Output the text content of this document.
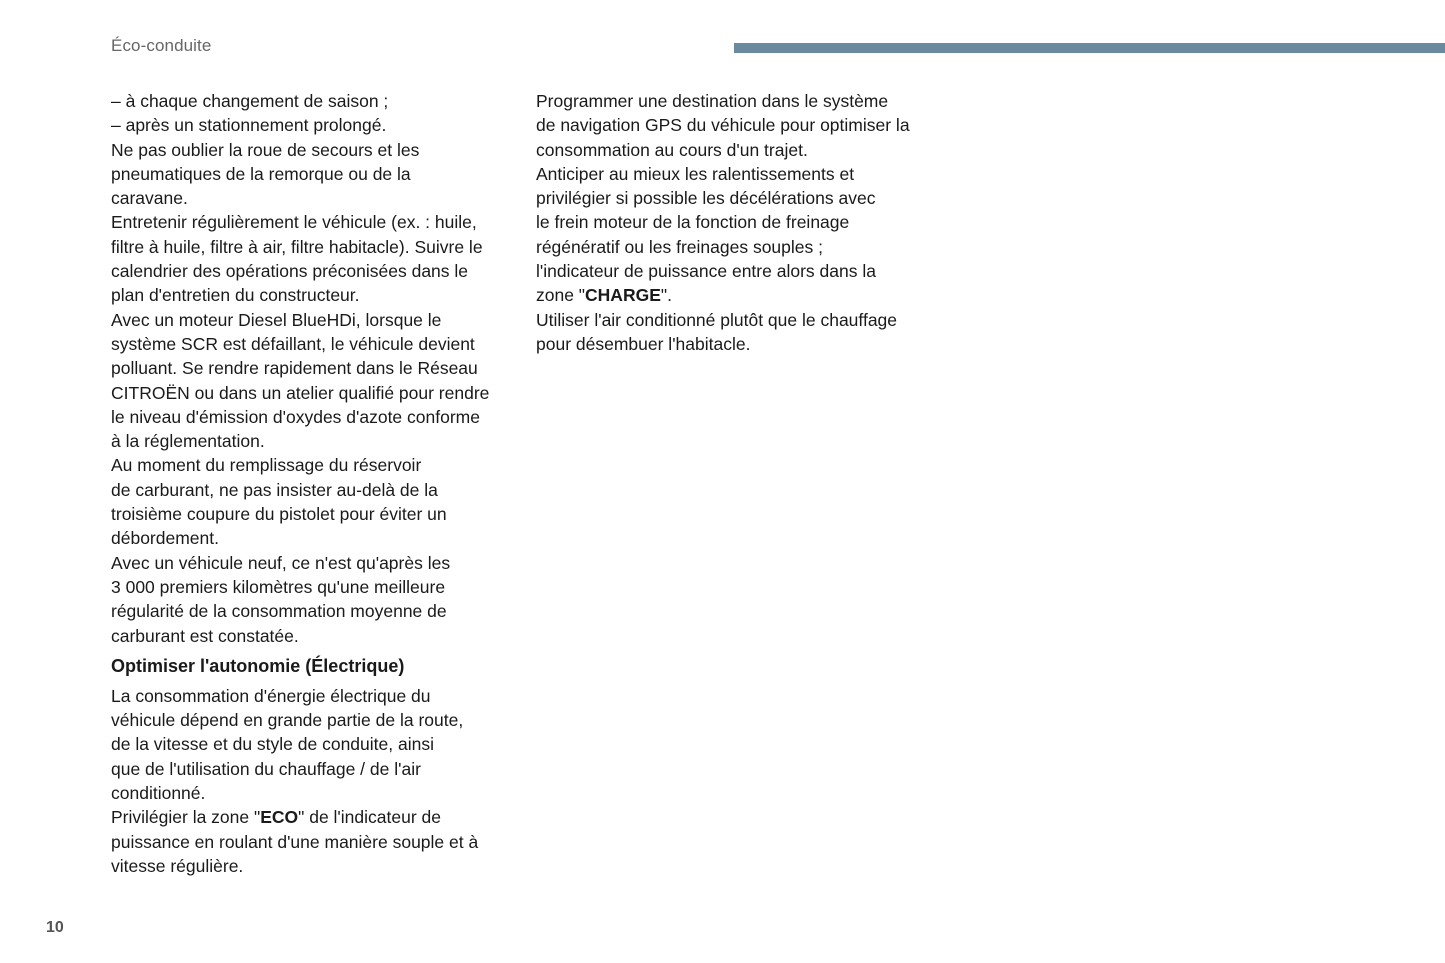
Éco-conduite

– à chaque changement de saison ;

– après un stationnement prolongé.

Ne pas oublier la roue de secours et les
pneumatiques de la remorque ou de la
caravane.

Entretenir régulièrement le véhicule (ex. : huile,
filtre à huile, filtre à air, filtre habitacle). Suivre le
calendrier des opérations préconisées dans le
plan d'entretien du constructeur.

Avec un moteur Diesel BlueHDi, lorsque le
système SCR est défaillant, le véhicule devient
polluant. Se rendre rapidement dans le Réseau
CITROËN ou dans un atelier qualifié pour rendre
le niveau d'émission d'oxydes d'azote conforme
à la réglementation.

Au moment du remplissage du réservoir
de carburant, ne pas insister au-delà de la
troisième coupure du pistolet pour éviter un
débordement.

Avec un véhicule neuf, ce n'est qu'après les
3 000 premiers kilomètres qu'une meilleure
régularité de la consommation moyenne de
carburant est constatée.

Optimiser l'autonomie (Électrique)

La consommation d'énergie électrique du
véhicule dépend en grande partie de la route,
de la vitesse et du style de conduite, ainsi
que de l'utilisation du chauffage / de l'air
conditionné.

Privilégier la zone "ECO" de l'indicateur de
puissance en roulant d'une manière souple et à
vitesse régulière.

Programmer une destination dans le système
de navigation GPS du véhicule pour optimiser la
consommation au cours d'un trajet.

Anticiper au mieux les ralentissements et
privilégier si possible les décélérations avec
le frein moteur de la fonction de freinage
régénératif ou les freinages souples ;
l'indicateur de puissance entre alors dans la
zone "CHARGE".

Utiliser l'air conditionné plutôt que le chauffage
pour désembuer l'habitacle.

10
